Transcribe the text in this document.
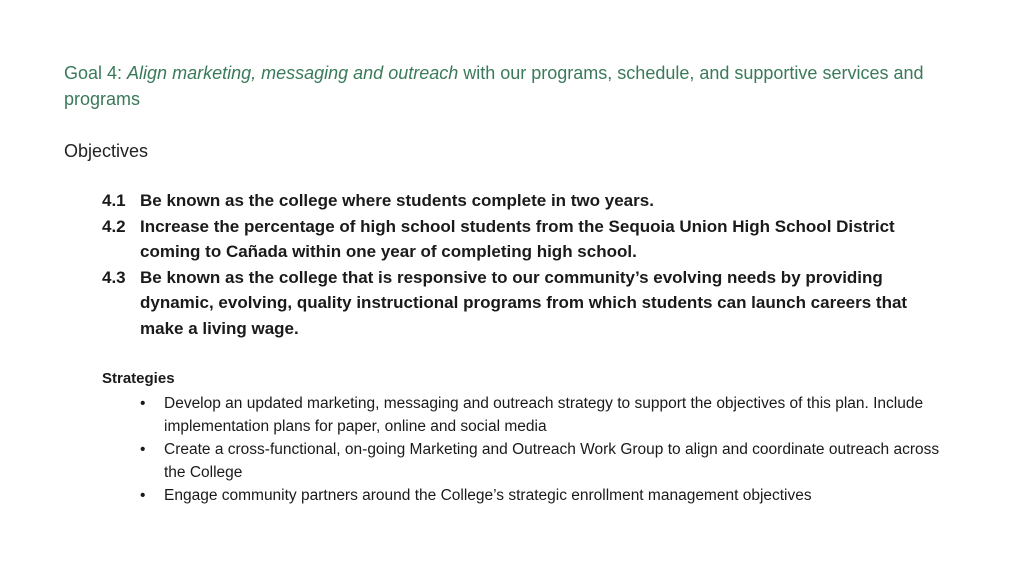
Goal 4: Align marketing, messaging and outreach with our programs, schedule, and supportive services and programs
Objectives
4.1 Be known as the college where students complete in two years.
4.2 Increase the percentage of high school students from the Sequoia Union High School District coming to Cañada within one year of completing high school.
4.3 Be known as the college that is responsive to our community’s evolving needs by providing dynamic, evolving, quality instructional programs from which students can launch careers that make a living wage.
Strategies
•	Develop an updated marketing, messaging and outreach strategy to support the objectives of this plan. Include implementation plans for paper, online and social media
•	Create a cross-functional, on-going Marketing and Outreach Work Group to align and coordinate outreach across the College
•	Engage community partners around the College’s strategic enrollment management objectives
